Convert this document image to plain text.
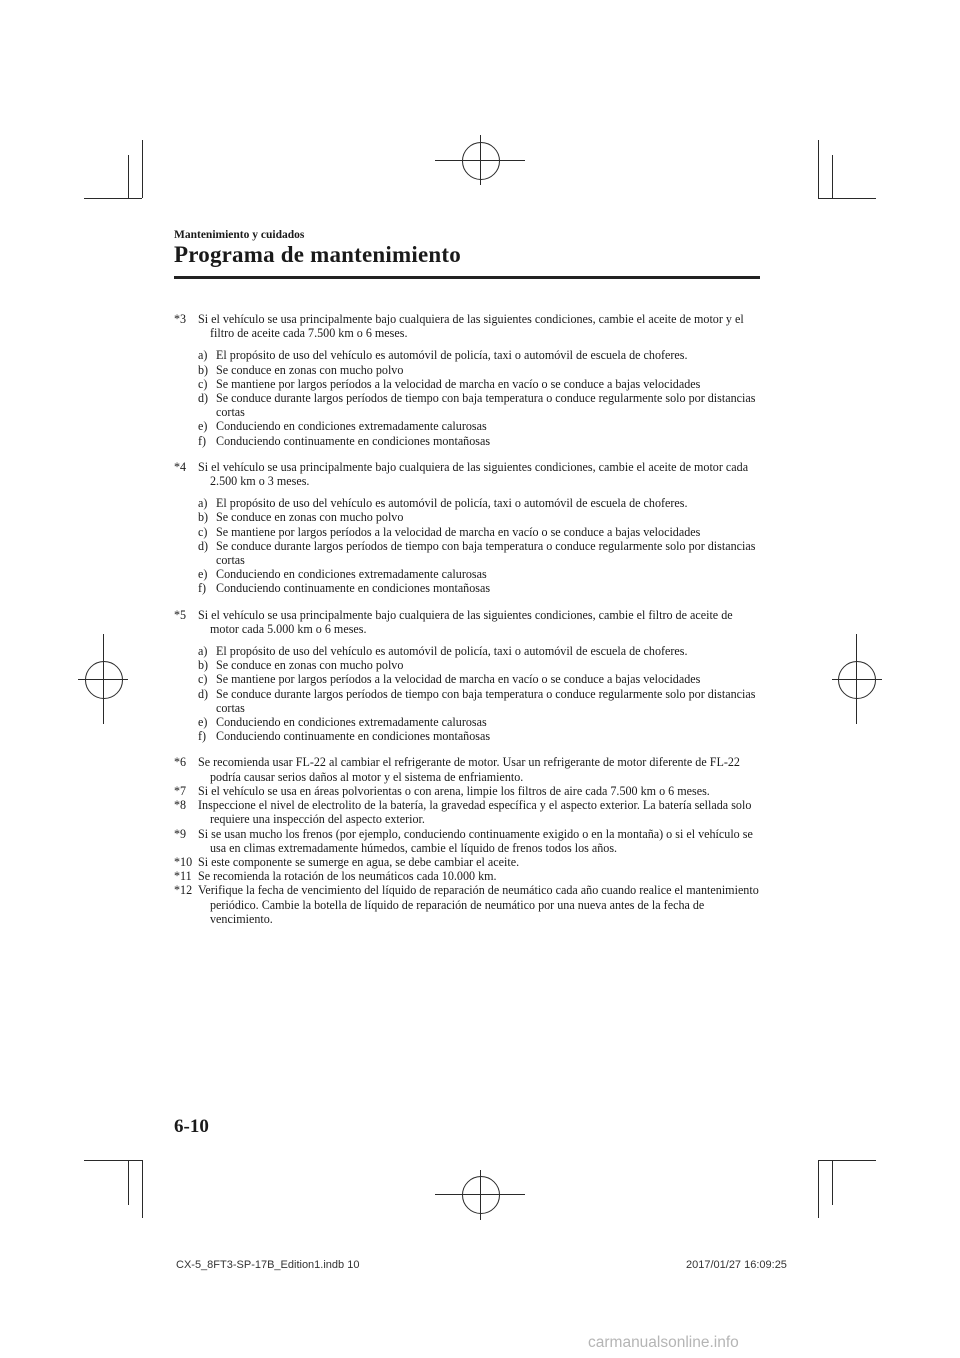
Mantenimiento y cuidados
Programa de mantenimiento
*3 Si el vehículo se usa principalmente bajo cualquiera de las siguientes condiciones, cambie el aceite de motor y el filtro de aceite cada 7.500 km o 6 meses.
a) El propósito de uso del vehículo es automóvil de policía, taxi o automóvil de escuela de choferes.
b) Se conduce en zonas con mucho polvo
c) Se mantiene por largos períodos a la velocidad de marcha en vacío o se conduce a bajas velocidades
d) Se conduce durante largos períodos de tiempo con baja temperatura o conduce regularmente solo por distancias cortas
e) Conduciendo en condiciones extremadamente calurosas
f) Conduciendo continuamente en condiciones montañosas
*4 Si el vehículo se usa principalmente bajo cualquiera de las siguientes condiciones, cambie el aceite de motor cada 2.500 km o 3 meses.
a) El propósito de uso del vehículo es automóvil de policía, taxi o automóvil de escuela de choferes.
b) Se conduce en zonas con mucho polvo
c) Se mantiene por largos períodos a la velocidad de marcha en vacío o se conduce a bajas velocidades
d) Se conduce durante largos períodos de tiempo con baja temperatura o conduce regularmente solo por distancias cortas
e) Conduciendo en condiciones extremadamente calurosas
f) Conduciendo continuamente en condiciones montañosas
*5 Si el vehículo se usa principalmente bajo cualquiera de las siguientes condiciones, cambie el filtro de aceite de motor cada 5.000 km o 6 meses.
a) El propósito de uso del vehículo es automóvil de policía, taxi o automóvil de escuela de choferes.
b) Se conduce en zonas con mucho polvo
c) Se mantiene por largos períodos a la velocidad de marcha en vacío o se conduce a bajas velocidades
d) Se conduce durante largos períodos de tiempo con baja temperatura o conduce regularmente solo por distancias cortas
e) Conduciendo en condiciones extremadamente calurosas
f) Conduciendo continuamente en condiciones montañosas
*6 Se recomienda usar FL-22 al cambiar el refrigerante de motor. Usar un refrigerante de motor diferente de FL-22 podría causar serios daños al motor y el sistema de enfriamiento.
*7 Si el vehículo se usa en áreas polvorientas o con arena, limpie los filtros de aire cada 7.500 km o 6 meses.
*8 Inspeccione el nivel de electrolito de la batería, la gravedad específica y el aspecto exterior. La batería sellada solo requiere una inspección del aspecto exterior.
*9 Si se usan mucho los frenos (por ejemplo, conduciendo continuamente exigido o en la montaña) o si el vehículo se usa en climas extremadamente húmedos, cambie el líquido de frenos todos los años.
*10 Si este componente se sumerge en agua, se debe cambiar el aceite.
*11 Se recomienda la rotación de los neumáticos cada 10.000 km.
*12 Verifique la fecha de vencimiento del líquido de reparación de neumático cada año cuando realice el mantenimiento periódico. Cambie la botella de líquido de reparación de neumático por una nueva antes de la fecha de vencimiento.
6-10
CX-5_8FT3-SP-17B_Edition1.indb 10	2017/01/27 16:09:25
carmanualsonline.info
